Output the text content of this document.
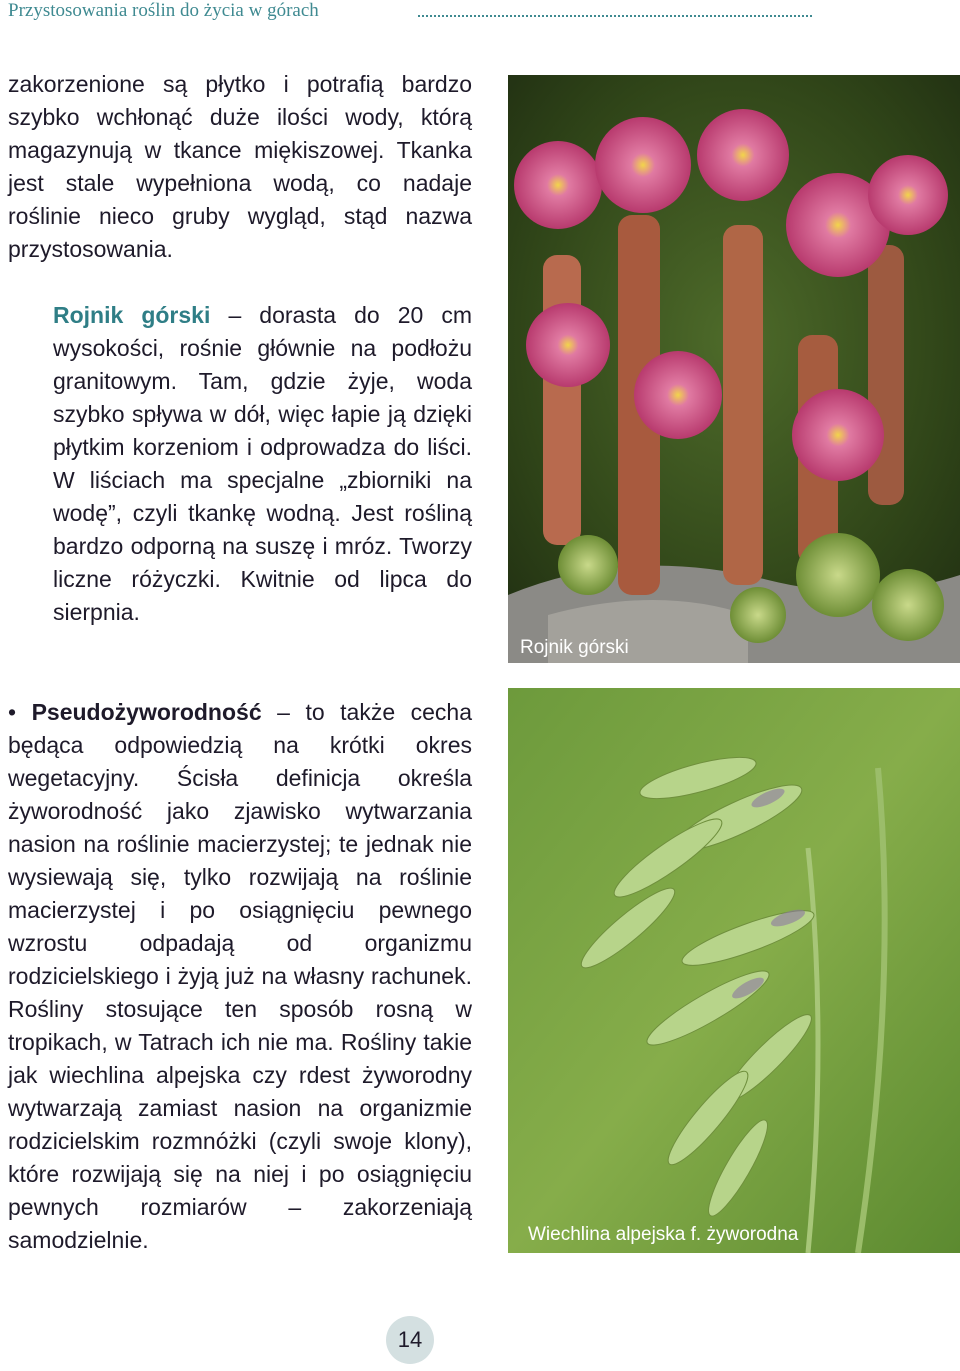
Przystosowania roślin do życia w górach

zakorzenione są płytko i potrafią bardzo szybko wchłonąć duże ilości wody, którą magazynują w tkance miękiszowej. Tkanka jest stale wypełniona wodą, co nadaje roślinie nieco gruby wygląd, stąd nazwa przystosowania.

Rojnik górski – dorasta do 20 cm wysokości, rośnie głównie na podłożu granitowym. Tam, gdzie żyje, woda szybko spływa w dół, więc łapie ją dzięki płytkim korzeniom i odprowadza do liści. W liściach ma specjalne „zbiorniki na wodę”, czyli tkankę wodną. Jest rośliną bardzo odporną na suszę i mróz. Tworzy liczne różyczki. Kwitnie od lipca do sierpnia.

• Pseudożyworodność – to także cecha będąca odpowiedzią na krótki okres wegetacyjny. Ścisła definicja określa żyworodność jako zjawisko wytwarzania nasion na roślinie macierzystej; te jednak nie wysiewają się, tylko rozwijają na roślinie macierzystej i po osiągnięciu pewnego wzrostu odpadają od organizmu rodzicielskiego i żyją już na własny rachunek. Rośliny stosujące ten sposób rosną w tropikach, w Tatrach ich nie ma. Rośliny takie jak wiechlina alpejska czy rdest żyworodny wytwarzają zamiast nasion na organizmie rodzicielskim rozmnóżki (czyli swoje klony), które rozwijają się na niej i po osiągnięciu pewnych rozmiarów – zakorzeniają samodzielnie.

Rojnik górski
Wiechlina alpejska f. żyworodna
14
